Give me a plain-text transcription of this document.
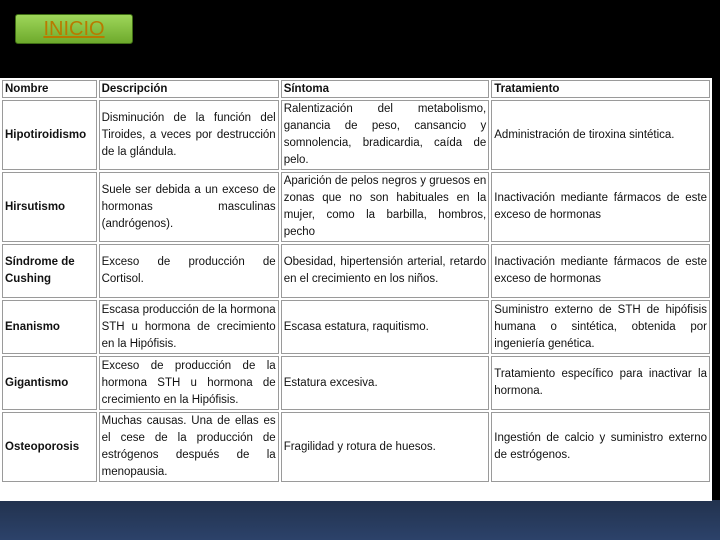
INICIO
Nombre	Descripción	Síntoma	Tratamiento
Hipotiroidismo	Disminución de la función del Tiroides, a veces por destrucción de la glándula.	Ralentización del metabolismo, ganancia de peso, cansancio y somnolencia, bradicardia, caída de pelo.	Administración de tiroxina sintética.
Hirsutismo	Suele ser debida a un exceso de hormonas masculinas (andrógenos).	Aparición de pelos negros y gruesos en zonas que no son habituales en la mujer, como la barbilla, hombros, pecho	Inactivación mediante fármacos de este exceso de hormonas
Síndrome de Cushing	Exceso de producción de Cortisol.	Obesidad, hipertensión arterial, retardo en el crecimiento en los niños.	Inactivación mediante fármacos de este exceso de hormonas
Enanismo	Escasa producción de la hormona STH u hormona de crecimiento en la Hipófisis.	Escasa estatura, raquitismo.	Suministro externo de STH de hipófisis humana o sintética, obtenida por ingeniería genética.
Gigantismo	Exceso de producción de la hormona STH u hormona de crecimiento en la Hipófisis.	Estatura excesiva.	Tratamiento específico para inactivar la hormona.
Osteoporosis	Muchas causas. Una de ellas es el cese de la producción de estrógenos después de la menopausia.	Fragilidad y rotura de huesos.	Ingestión de calcio y suministro externo de estrógenos.
